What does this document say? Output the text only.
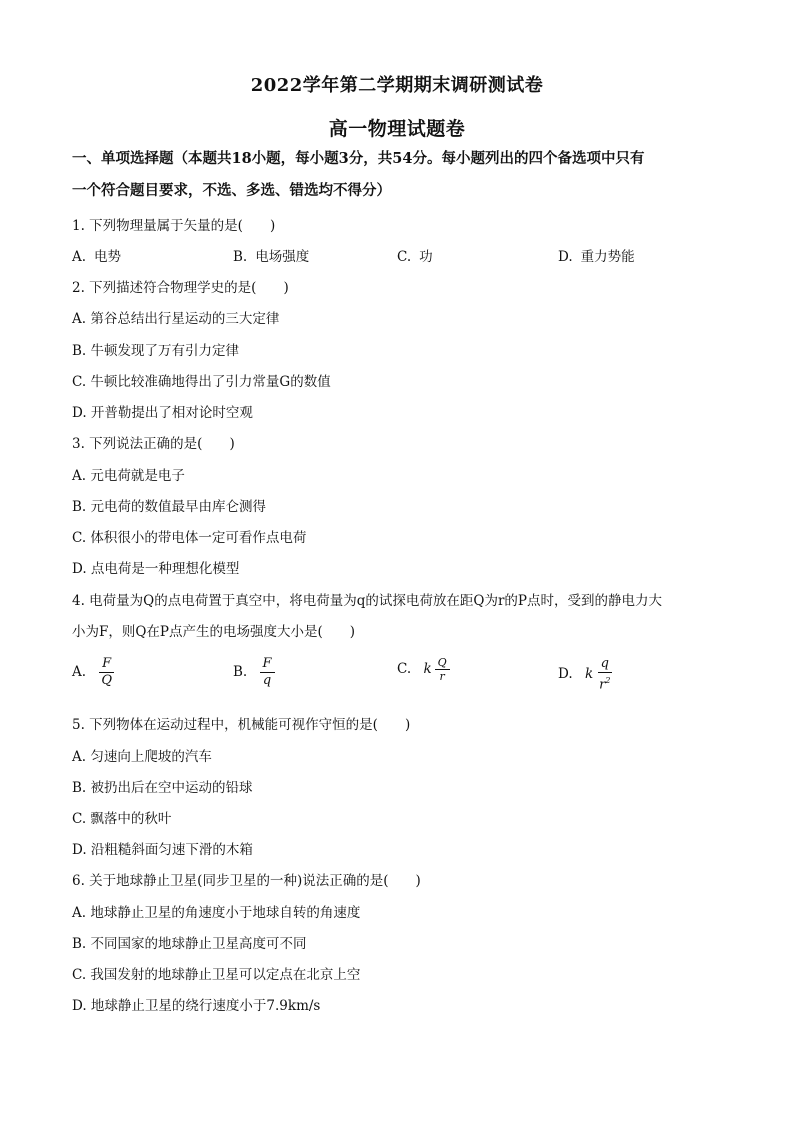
2022学年第二学期期末调研测试卷
高一物理试题卷
一、单项选择题（本题共18小题，每小题3分，共54分。每小题列出的四个备选项中只有
一个符合题目要求，不选、多选、错选均不得分）
1. 下列物理量属于矢量的是(　　)
A. 电势	B. 电场强度	C. 功	D. 重力势能
2. 下列描述符合物理学史的是(　　)
A. 第谷总结出行星运动的三大定律
B. 牛顿发现了万有引力定律
C. 牛顿比较准确地得出了引力常量G的数值
D. 开普勒提出了相对论时空观
3. 下列说法正确的是(　　)
A. 元电荷就是电子
B. 元电荷的数值最早由库仑测得
C. 体积很小的带电体一定可看作点电荷
D. 点电荷是一种理想化模型
4. 电荷量为Q的点电荷置于真空中，将电荷量为q的试探电荷放在距Q为r的P点时，受到的静电力大
小为F，则Q在P点产生的电场强度大小是(　　)
A. $\frac{F}{Q}$	B. $\frac{F}{q}$	C. k $\frac{Q}{r}$	D. k $\frac{q}{r^2}$
5. 下列物体在运动过程中，机械能可视作守恒的是(　　)
A. 匀速向上爬坡的汽车
B. 被扔出后在空中运动的铅球
C. 飘落中的秋叶
D. 沿粗糙斜面匀速下滑的木箱
6. 关于地球静止卫星(同步卫星的一种)说法正确的是(　　)
A. 地球静止卫星的角速度小于地球自转的角速度
B. 不同国家的地球静止卫星高度可不同
C. 我国发射的地球静止卫星可以定点在北京上空
D. 地球静止卫星的绕行速度小于7.9km/s
